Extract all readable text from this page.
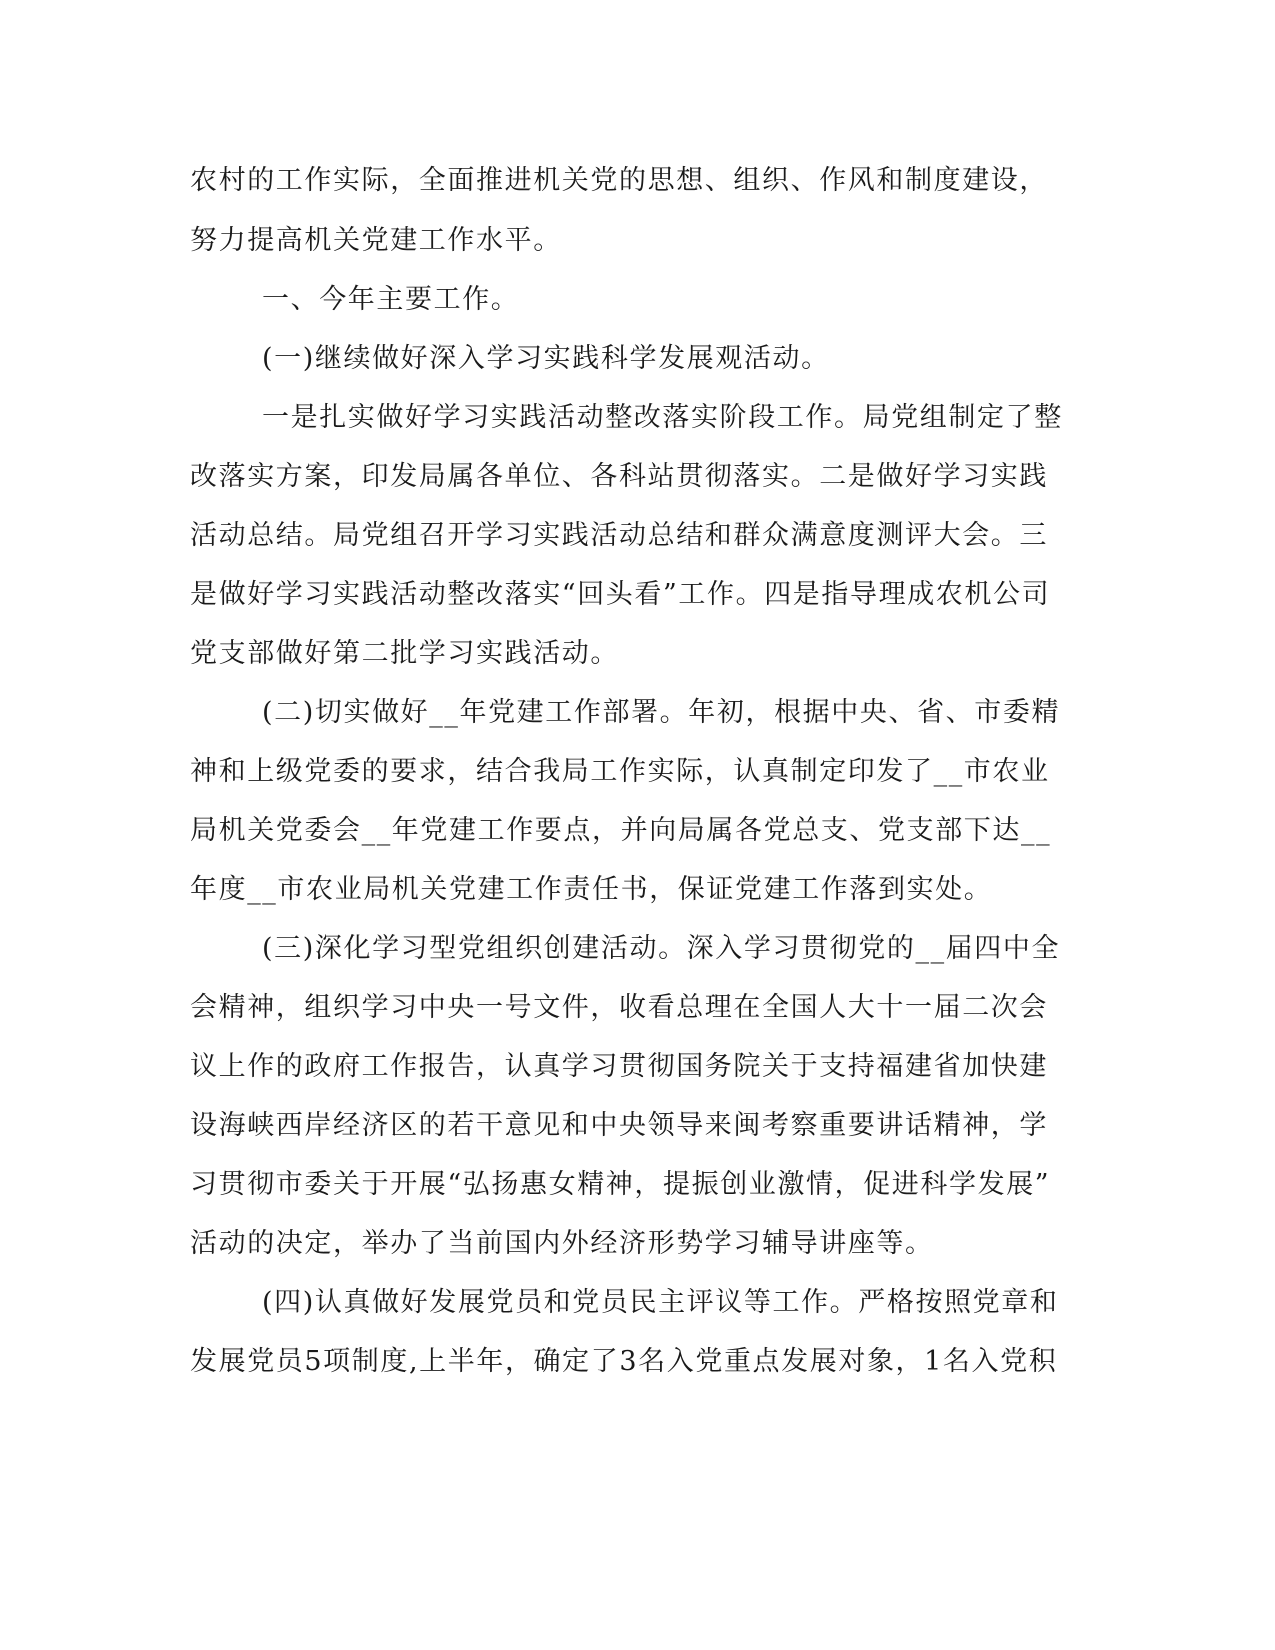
农村的工作实际，全面推进机关党的思想、组织、作风和制度建设，
努力提高机关党建工作水平。
一、今年主要工作。
(一)继续做好深入学习实践科学发展观活动。
一是扎实做好学习实践活动整改落实阶段工作。局党组制定了整
改落实方案，印发局属各单位、各科站贯彻落实。二是做好学习实践
活动总结。局党组召开学习实践活动总结和群众满意度测评大会。三
是做好学习实践活动整改落实“回头看”工作。四是指导理成农机公司
党支部做好第二批学习实践活动。
(二)切实做好__年党建工作部署。年初，根据中央、省、市委精
神和上级党委的要求，结合我局工作实际，认真制定印发了__市农业
局机关党委会__年党建工作要点，并向局属各党总支、党支部下达__
年度__市农业局机关党建工作责任书，保证党建工作落到实处。
(三)深化学习型党组织创建活动。深入学习贯彻党的__届四中全
会精神，组织学习中央一号文件，收看总理在全国人大十一届二次会
议上作的政府工作报告，认真学习贯彻国务院关于支持福建省加快建
设海峡西岸经济区的若干意见和中央领导来闽考察重要讲话精神，学
习贯彻市委关于开展“弘扬惠女精神，提振创业激情，促进科学发展”
活动的决定，举办了当前国内外经济形势学习辅导讲座等。
(四)认真做好发展党员和党员民主评议等工作。严格按照党章和
发展党员5项制度,上半年，确定了3名入党重点发展对象，1名入党积
